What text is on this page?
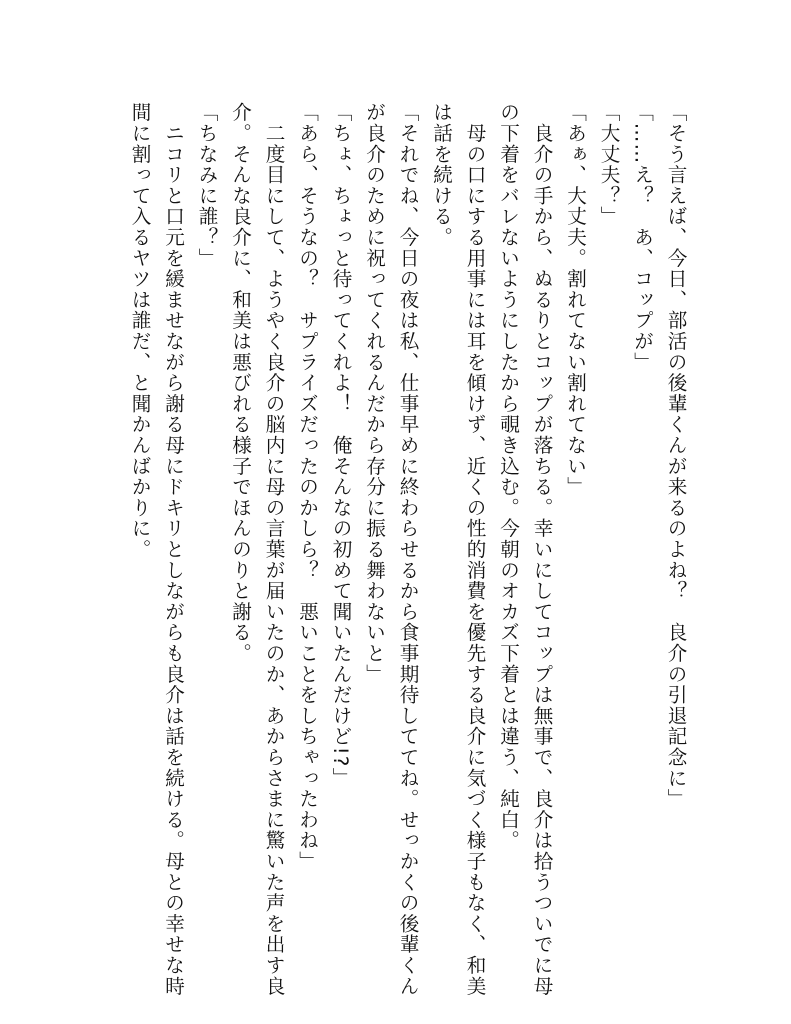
「そう言えば、今日、部活の後輩くんが来るのよね？　良介の引退記念に」
「……え？　あ、コップが」
「大丈夫？」
「あぁ、大丈夫。割れてない割れてない」
　良介の手から、ぬるりとコップが落ちる。幸いにしてコップは無事で、良介は拾うついでに母
の下着をバレないようにしたから覗き込む。今朝のオカズ下着とは違う、純白。
　母の口にする用事には耳を傾けず、近くの性的消費を優先する良介に気づく様子もなく、和美
は話を続ける。
「それでね、今日の夜は私、仕事早めに終わらせるから食事期待しててね。せっかくの後輩くん
が良介のために祝ってくれるんだから存分に振る舞わないと」
「ちょ、ちょっと待ってくれよ！　俺そんなの初めて聞いたんだけど!?」
「あら、そうなの？　サプライズだったのかしら？　悪いことをしちゃったわね」
　二度目にして、ようやく良介の脳内に母の言葉が届いたのか、あからさまに驚いた声を出す良
介。そんな良介に、和美は悪びれる様子でほんのりと謝る。
「ちなみに誰？」
　ニコリと口元を緩ませながら謝る母にドキリとしながらも良介は話を続ける。母との幸せな時
間に割って入るヤツは誰だ、と聞かんばかりに。
